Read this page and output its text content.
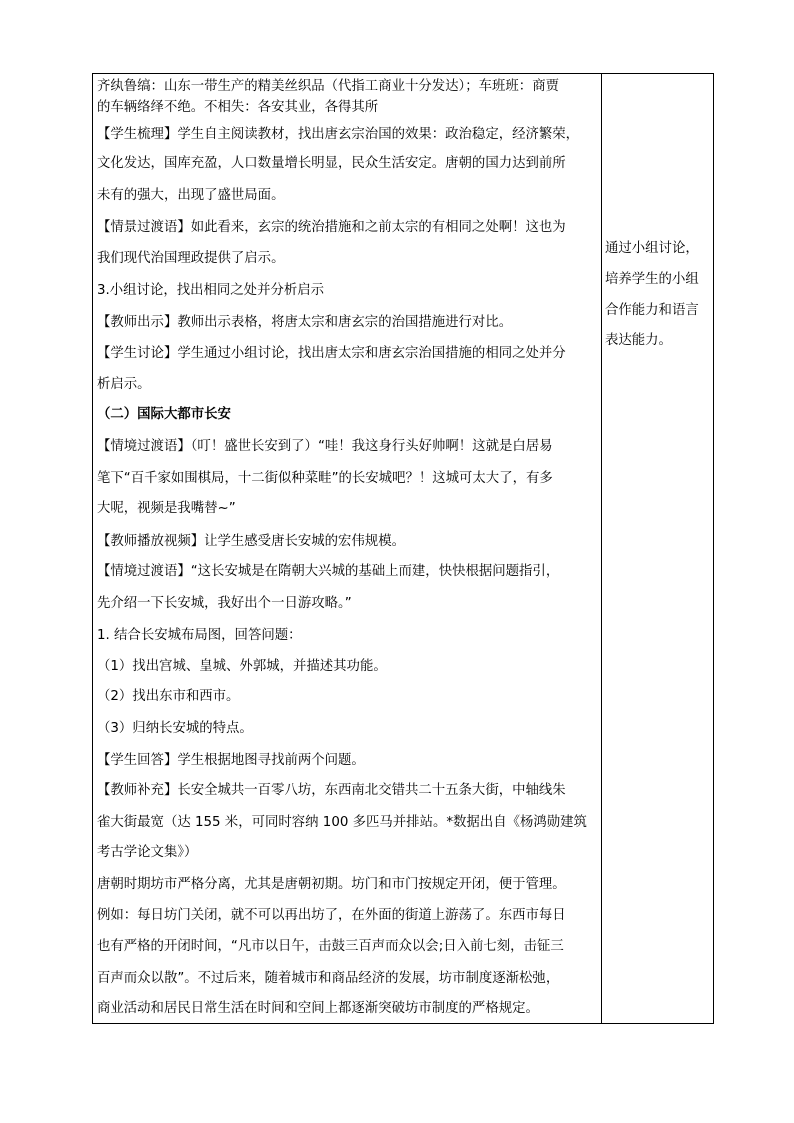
齐纨鲁缟：山东一带生产的精美丝织品（代指工商业十分发达）；车班班：商贾
的车辆络绎不绝。不相失：各安其业，各得其所
【学生梳理】学生自主阅读教材，找出唐玄宗治国的效果：政治稳定，经济繁荣，
文化发达，国库充盈，人口数量增长明显，民众生活安定。唐朝的国力达到前所
未有的强大，出现了盛世局面。
【情景过渡语】如此看来，玄宗的统治措施和之前太宗的有相同之处啊！这也为
我们现代治国理政提供了启示。
3.小组讨论，找出相同之处并分析启示
【教师出示】教师出示表格，将唐太宗和唐玄宗的治国措施进行对比。
【学生讨论】学生通过小组讨论，找出唐太宗和唐玄宗治国措施的相同之处并分
析启示。
（二）国际大都市长安
【情境过渡语】（叮！盛世长安到了）“哇！我这身行头好帅啊！这就是白居易
笔下“百千家如围棋局，十二街似种菜畦”的长安城吧？！这城可太大了，有多
大呢，视频是我嘴替~”
【教师播放视频】让学生感受唐长安城的宏伟规模。
【情境过渡语】“这长安城是在隋朝大兴城的基础上而建，快快根据问题指引，
先介绍一下长安城，我好出个一日游攻略。”
1. 结合长安城布局图，回答问题：
（1）找出宫城、皇城、外郭城，并描述其功能。
（2）找出东市和西市。
（3）归纳长安城的特点。
【学生回答】学生根据地图寻找前两个问题。
【教师补充】长安全城共一百零八坊，东西南北交错共二十五条大街，中轴线朱
雀大街最宽（达 155 米，可同时容纳 100 多匹马并排站。*数据出自《杨鸿勋建筑
考古学论文集》）
唐朝时期坊市严格分离，尤其是唐朝初期。坊门和市门按规定开闭，便于管理。
例如：每日坊门关闭，就不可以再出坊了，在外面的街道上游荡了。东西市每日
也有严格的开闭时间，“凡市以日午，击鼓三百声而众以会;日入前七刻，击钲三
百声而众以散”。不过后来，随着城市和商品经济的发展，坊市制度逐渐松弛，
商业活动和居民日常生活在时间和空间上都逐渐突破坊市制度的严格规定。
通过小组讨论，
培养学生的小组
合作能力和语言
表达能力。
